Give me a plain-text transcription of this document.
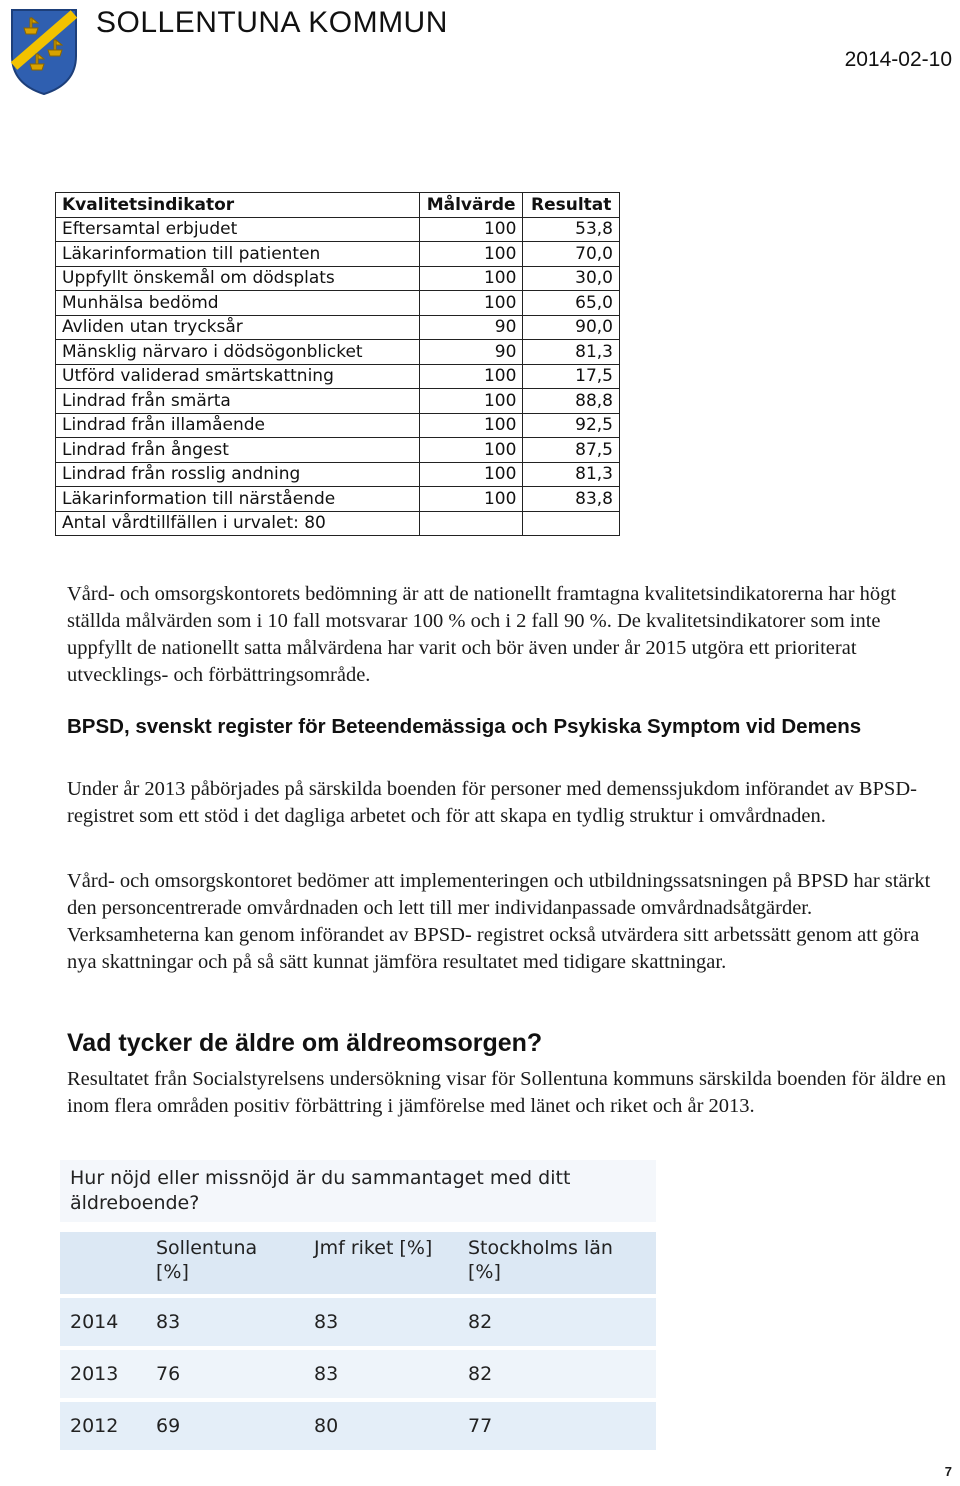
SOLLENTUNA KOMMUN
2014-02-10
Kvalitetsindikator	Målvärde	Resultat
Eftersamtal erbjudet	100	53,8
Läkarinformation till patienten	100	70,0
Uppfyllt önskemål om dödsplats	100	30,0
Munhälsa bedömd	100	65,0
Avliden utan trycksår	90	90,0
Mänsklig närvaro i dödsögonblicket	90	81,3
Utförd validerad smärtskattning	100	17,5
Lindrad från smärta	100	88,8
Lindrad från illamående	100	92,5
Lindrad från ångest	100	87,5
Lindrad från rosslig andning	100	81,3
Läkarinformation till närstående	100	83,8
Antal vårdtillfällen i urvalet: 80		

Vård- och omsorgskontorets bedömning är att de nationellt framtagna kvalitetsindikatorerna har högt ställda målvärden som i 10 fall motsvarar 100 % och i 2 fall 90 %. De kvalitetsindikatorer som inte uppfyllt de nationellt satta målvärdena har varit och bör även under år 2015 utgöra ett prioriterat utvecklings- och förbättringsområde.

BPSD, svenskt register för Beteendemässiga och Psykiska Symptom vid Demens

Under år 2013 påbörjades på särskilda boenden för personer med demenssjukdom införandet av BPSD-registret som ett stöd i det dagliga arbetet och för att skapa en tydlig struktur i omvårdnaden.

Vård- och omsorgskontoret bedömer att implementeringen och utbildningssatsningen på BPSD har stärkt den personcentrerade omvårdnaden och lett till mer individanpassade omvårdnadsåtgärder. Verksamheterna kan genom införandet av BPSD- registret också utvärdera sitt arbetssätt genom att göra nya skattningar och på så sätt kunnat jämföra resultatet med tidigare skattningar.

Vad tycker de äldre om äldreomsorgen?

Resultatet från Socialstyrelsens undersökning visar för Sollentuna kommuns särskilda boenden för äldre en inom flera områden positiv förbättring i jämförelse med länet och riket och år 2013.

Hur nöjd eller missnöjd är du sammantaget med ditt äldreboende?
	Sollentuna [%]	Jmf riket [%]	Stockholms län [%]
2014	83	83	82
2013	76	83	82
2012	69	80	77
7
